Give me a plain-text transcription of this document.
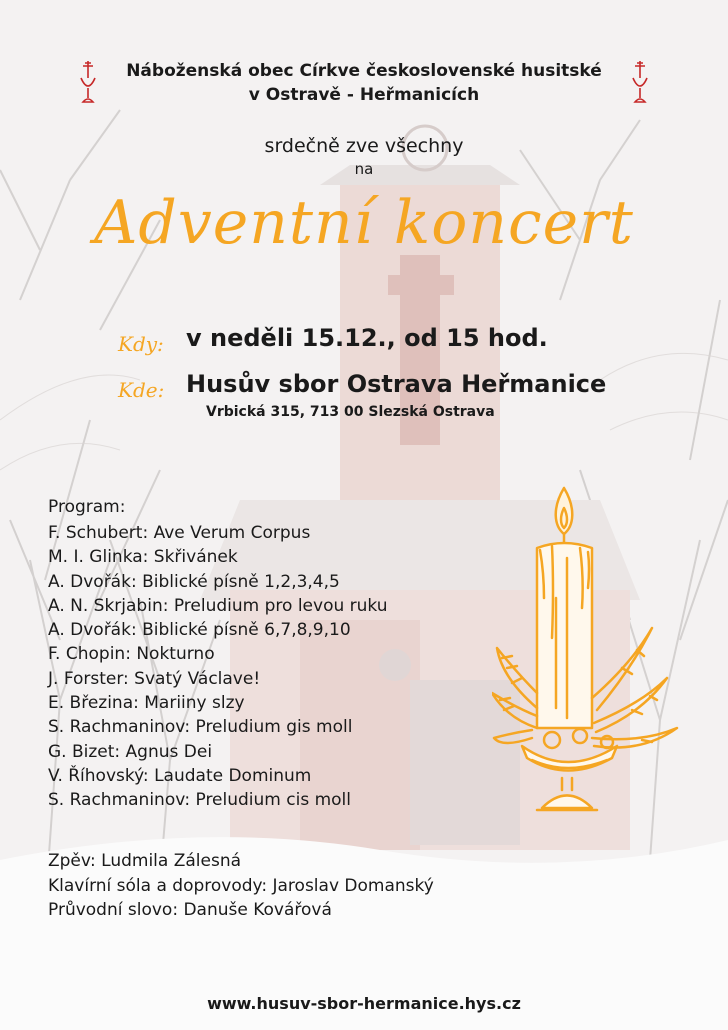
Náboženská obec Církve československé husitské
v Ostravě - Heřmanicích
srdečně zve všechny
na
Adventní koncert
Kdy: v neděli 15.12., od 15 hod.
Kde: Husův sbor Ostrava Heřmanice
Vrbická 315, 713 00 Slezská Ostrava
Program:
F. Schubert: Ave Verum Corpus
M. I. Glinka: Skřivánek
A. Dvořák: Biblické písně 1,2,3,4,5
A. N. Skrjabin: Preludium pro levou ruku
A. Dvořák: Biblické písně 6,7,8,9,10
F. Chopin: Nokturno
J. Forster: Svatý Václave!
E. Březina: Mariiny slzy
S. Rachmaninov: Preludium gis moll
G. Bizet: Agnus Dei
V. Říhovský: Laudate Dominum
S. Rachmaninov: Preludium cis moll
Zpěv: Ludmila Zálesná
Klavírní sóla a doprovody: Jaroslav Domanský
Průvodní slovo: Danuše Kovářová
www.husuv-sbor-hermanice.hys.cz
